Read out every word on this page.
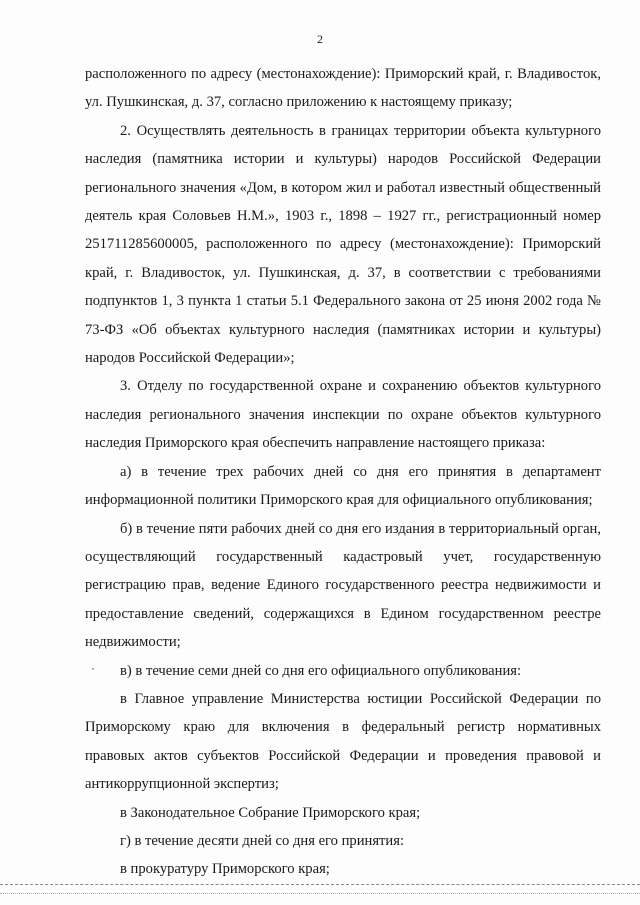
2

расположенного по адресу (местонахождение): Приморский край, г. Владивосток, ул. Пушкинская, д. 37, согласно приложению к настоящему приказу;

2. Осуществлять деятельность в границах территории объекта культурного наследия (памятника истории и культуры) народов Российской Федерации регионального значения «Дом, в котором жил и работал известный общественный деятель края Соловьев Н.М.», 1903 г., 1898 – 1927 гг., регистрационный номер 251711285600005, расположенного по адресу (местонахождение): Приморский край, г. Владивосток, ул. Пушкинская, д. 37, в соответствии с требованиями подпунктов 1, 3 пункта 1 статьи 5.1 Федерального закона от 25 июня 2002 года № 73-ФЗ «Об объектах культурного наследия (памятниках истории и культуры) народов Российской Федерации»;

3. Отделу по государственной охране и сохранению объектов культурного наследия регионального значения инспекции по охране объектов культурного наследия Приморского края обеспечить направление настоящего приказа:

а) в течение трех рабочих дней со дня его принятия в департамент информационной политики Приморского края для официального опубликования;

б) в течение пяти рабочих дней со дня его издания в территориальный орган, осуществляющий государственный кадастровый учет, государственную регистрацию прав, ведение Единого государственного реестра недвижимости и предоставление сведений, содержащихся в Едином государственном реестре недвижимости;

в) в течение семи дней со дня его официального опубликования:

в Главное управление Министерства юстиции Российской Федерации по Приморскому краю для включения в федеральный регистр нормативных правовых актов субъектов Российской Федерации и проведения правовой и антикоррупционной экспертиз;

в Законодательное Собрание Приморского края;

г) в течение десяти дней со дня его принятия:

в прокуратуру Приморского края;
